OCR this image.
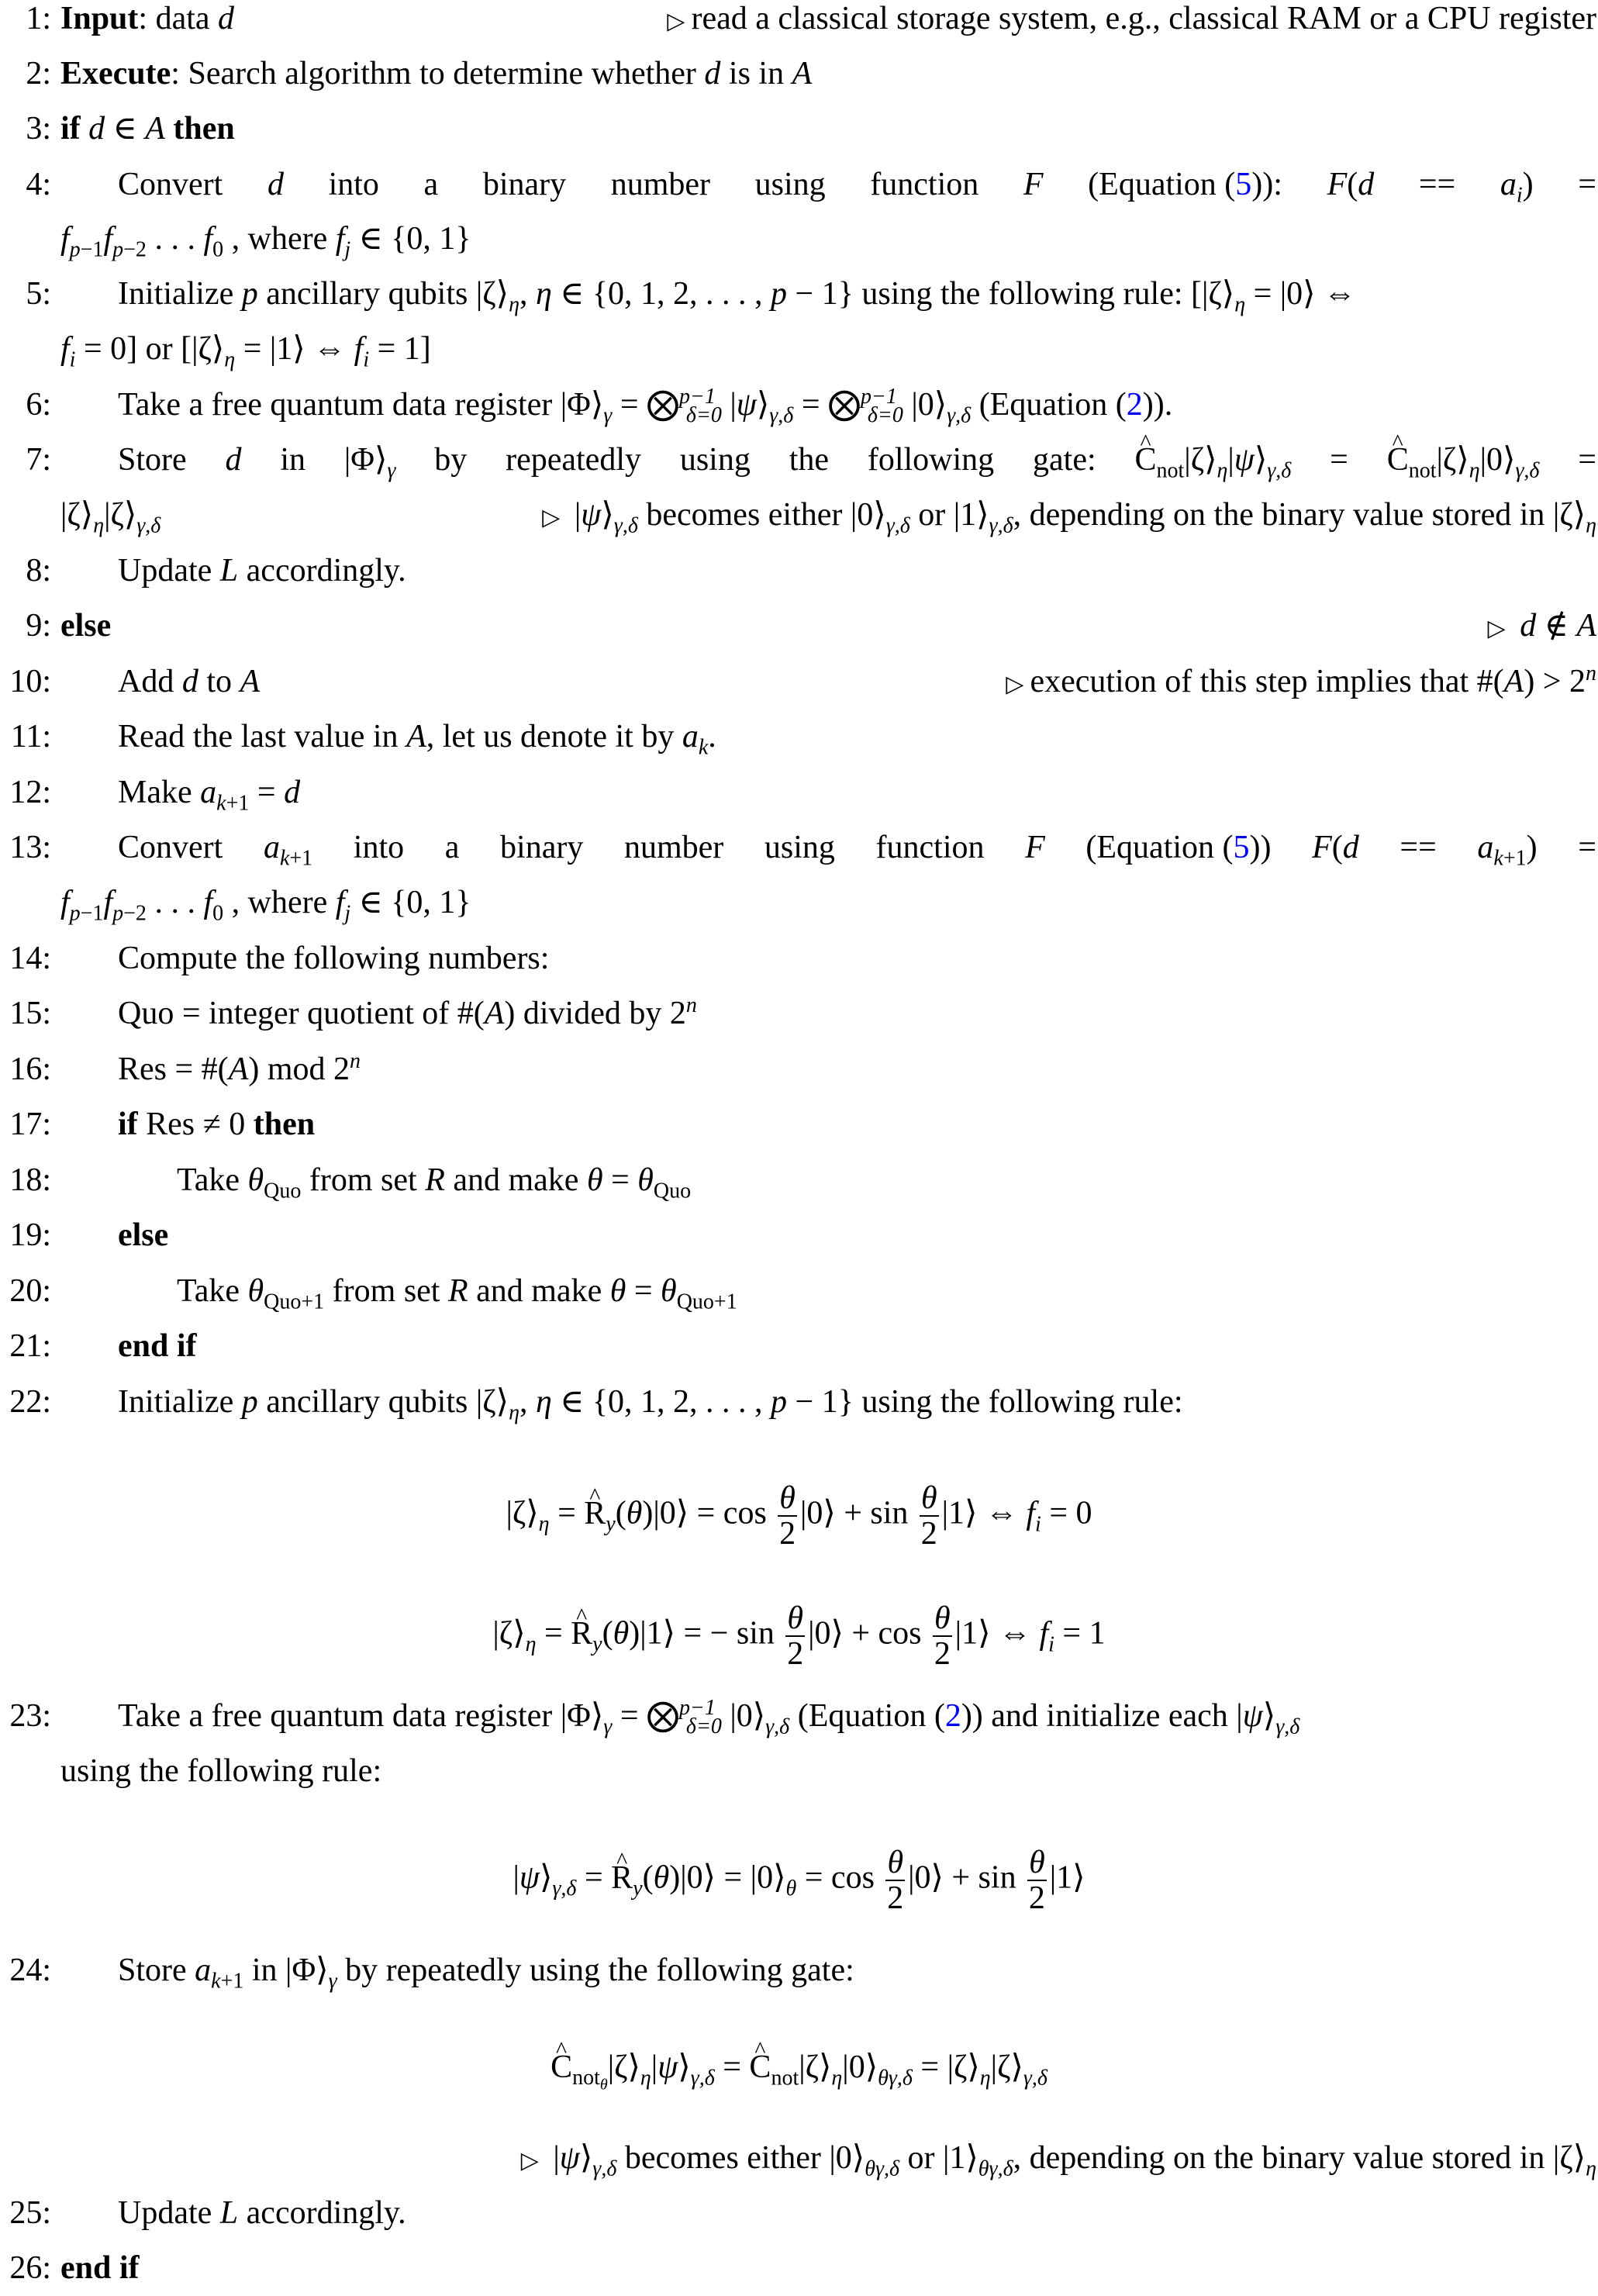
1: Input: data d	▷ read a classical storage system, e.g., classical RAM or a CPU register
2: Execute: Search algorithm to determine whether d is in A
3: if d ∈ A then
4: Convert d into a binary number using function F (Equation (5)): $F(d == a_i)$ =
$f_{p-1}f_{p-2}$ . . . $f_0$ , where $f_j$ ∈ {0, 1}
5: Initialize p ancillary qubits $|\zeta⟩_\eta$, η ∈ {0, 1, 2, . . . , p − 1} using the following rule: [$|\zeta⟩_\eta$ = |0⟩ ⇔
$f_i = 0$] or [$|\zeta⟩_\eta$ = |1⟩ ⇔ $f_i = 1$]
6: Take a free quantum data register $|\Phi⟩_\gamma$ = ⨂$^{p-1}_{\delta=0}$ $|\psi⟩_{\gamma,\delta}$ = ⨂$^{p-1}_{\delta=0}$ $|0⟩_{\gamma,\delta}$ (Equation (2)).
7: Store d in $|\Phi⟩_\gamma$ by repeatedly using the following gate: ^ $C_{not}|\zeta⟩_\eta|\psi⟩_{\gamma,\delta}$ = ^ $C_{not}|\zeta⟩_\eta|0⟩_{\gamma,\delta}$ =
$|\zeta⟩_\eta|\zeta⟩_{\gamma,\delta}$	▷ $|\psi⟩_{\gamma,\delta}$ becomes either $|0⟩_{\gamma,\delta}$ or $|1⟩_{\gamma,\delta}$, depending on the binary value stored in $|\zeta⟩_\eta$
8: Update L accordingly.
9: else	▷ d ∉ A
10: Add d to A	▷ execution of this step implies that #(A) > $2^n$
11: Read the last value in A, let us denote it by $a_k$.
12: Make $a_{k+1} = d$
13: Convert $a_{k+1}$ into a binary number using function F (Equation (5)) $F(d == a_{k+1})$ =
$f_{p-1}f_{p-2}$ . . . $f_0$ , where $f_j$ ∈ {0, 1}
14: Compute the following numbers:
15: Quo = integer quotient of #(A) divided by 2$^n$
16: Res = #(A) mod 2$^n$
17: if Res ≠ 0 then
18:	Take $\theta_{Quo}$ from set R and make $\theta = \theta_{Quo}$
19: else
20:	Take $\theta_{Quo+1}$ from set R and make $\theta = \theta_{Quo+1}$
21: end if
22: Initialize p ancillary qubits $|\zeta⟩_\eta$, η ∈ {0, 1, 2, . . . , p − 1} using the following rule:
$|\zeta⟩_\eta$ = ^ $R_y(\theta)|0⟩ = \cos \frac{\theta}{2}$ |0⟩ + $\sin \frac{\theta}{2}$ |1⟩ ⇔ $f_i = 0$
$|\zeta⟩_\eta$ = ^ $R_y(\theta)|1⟩$ = − $\sin \frac{\theta}{2}$ |0⟩ + $\cos \frac{\theta}{2}$ |1⟩ ⇔ $f_i = 1$
23: Take a free quantum data register $|\Phi⟩_\gamma$ = ⨂$^{p-1}_{\delta=0}$ $|0⟩_{\gamma,\delta}$ (Equation (2)) and initialize each $|\psi⟩_{\gamma,\delta}$
using the following rule:
$|\psi⟩_{\gamma,\delta}$ = ^ $R_y(\theta)|0⟩$ = $|0⟩_\theta = \cos \frac{\theta}{2}$ |0⟩ + $\sin \frac{\theta}{2}$ |1⟩
24: Store $a_{k+1}$ in $|\Phi⟩_\gamma$ by repeatedly using the following gate:
^ $C_{not_\theta}|\zeta⟩_\eta|\psi⟩_{\gamma,\delta}$ = ^ $C_{not}|\zeta⟩_\eta|0⟩_{\theta\gamma,\delta}$ = $|\zeta⟩_\eta|\zeta⟩_{\gamma,\delta}$
▷ $|\psi⟩_{\gamma,\delta}$ becomes either $|0⟩_{\theta\gamma,\delta}$ or $|1⟩_{\theta\gamma,\delta}$, depending on the binary value stored in $|\zeta⟩_\eta$
25: Update L accordingly.
26: end if
